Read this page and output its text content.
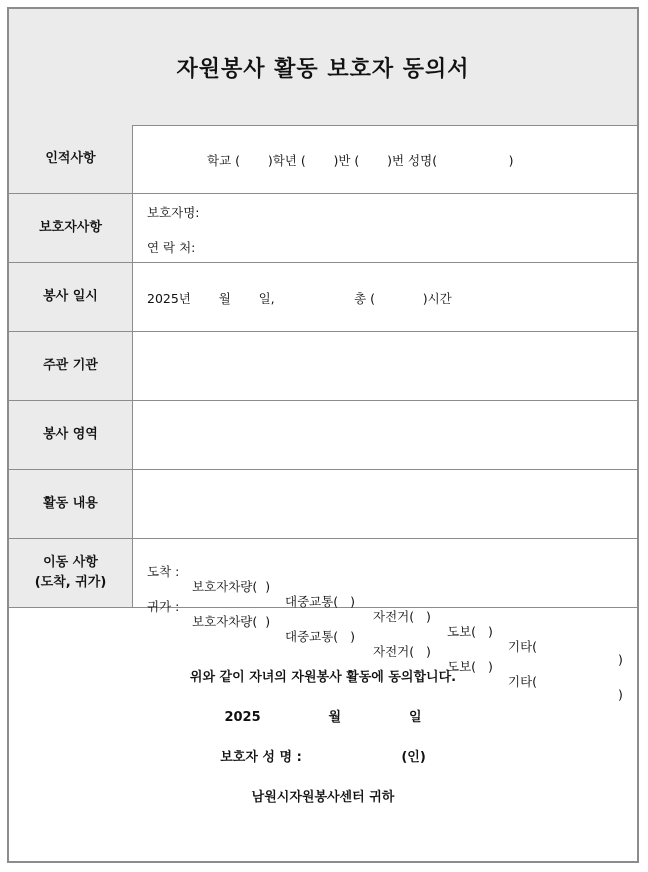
자원봉사 활동 보호자 동의서
인적사항	학교 (       )학년 (       )반 (       )번 성명(                  )
보호자사항
보호자명:
연 락 처:
봉사 일시	2025년       월       일,                    총 (            )시간
주관 기관
봉사 영역
활동 내용
이동 사항
(도착, 귀가)

도착 :

보호자차량(  )

대중교통(   )

자전거(   )

도보(   )

기타(

)

귀가 :

보호자차량(  )

대중교통(   )

자전거(   )

도보(   )

기타(

)

위와 같이 자녀의 자원봉사 활동에 동의합니다.
2025               월               일
보호자 성 명 :                      (인)
남원시자원봉사센터 귀하
